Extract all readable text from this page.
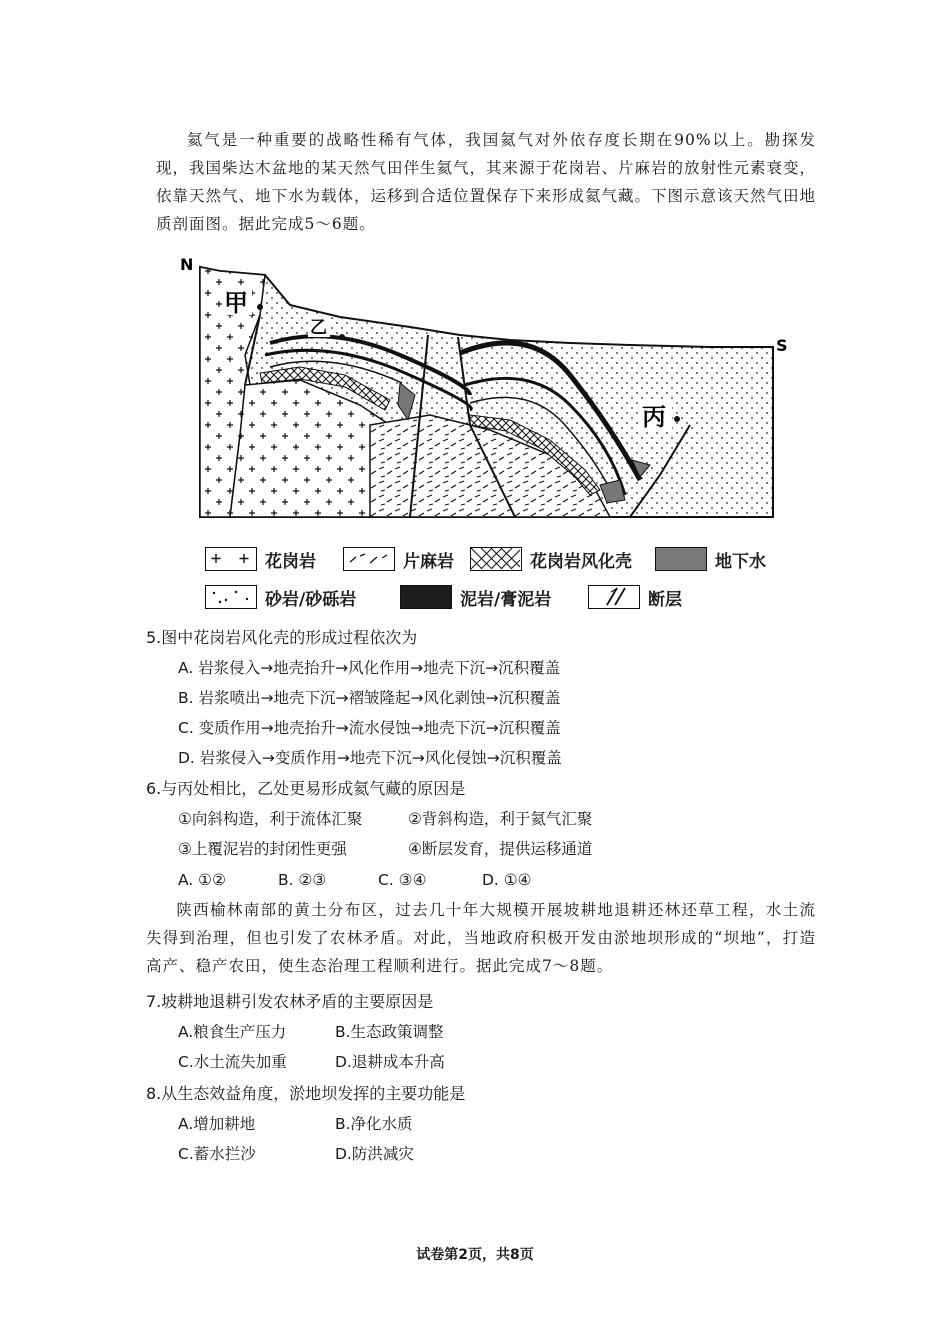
氦气是一种重要的战略性稀有气体，我国氦气对外依存度长期在90%以上。勘探发现，我国柴达木盆地的某天然气田伴生氦气，其来源于花岗岩、片麻岩的放射性元素衰变，依靠天然气、地下水为载体，运移到合适位置保存下来形成氦气藏。下图示意该天然气田地质剖面图。据此完成5～6题。
N
S
甲
乙
丙
花岗岩	片麻岩	花岗岩风化壳	地下水
砂岩/砂砾岩	泥岩/膏泥岩	断层
5.图中花岗岩风化壳的形成过程依次为
A. 岩浆侵入→地壳抬升→风化作用→地壳下沉→沉积覆盖
B. 岩浆喷出→地壳下沉→褶皱隆起→风化剥蚀→沉积覆盖
C. 变质作用→地壳抬升→流水侵蚀→地壳下沉→沉积覆盖
D. 岩浆侵入→变质作用→地壳下沉→风化侵蚀→沉积覆盖
6.与丙处相比，乙处更易形成氦气藏的原因是
①向斜构造，利于流体汇聚	②背斜构造，利于氦气汇聚
③上覆泥岩的封闭性更强	④断层发育，提供运移通道
A. ①②	B. ②③	C. ③④	D. ①④
陕西榆林南部的黄土分布区，过去几十年大规模开展坡耕地退耕还林还草工程，水土流失得到治理，但也引发了农林矛盾。对此，当地政府积极开发由淤地坝形成的“坝地”，打造高产、稳产农田，使生态治理工程顺利进行。据此完成7～8题。
7.坡耕地退耕引发农林矛盾的主要原因是
A.粮食生产压力	B.生态政策调整
C.水土流失加重	D.退耕成本升高
8.从生态效益角度，淤地坝发挥的主要功能是
A.增加耕地	B.净化水质
C.蓄水拦沙	D.防洪减灾
试卷第2页，共8页
